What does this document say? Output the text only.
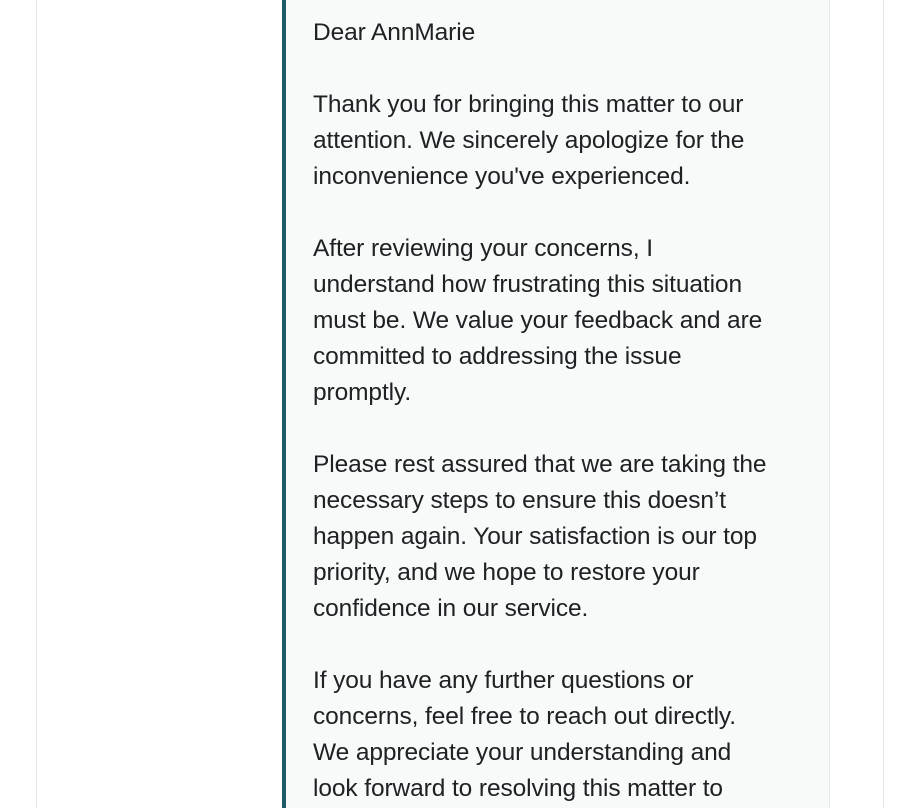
Dear AnnMarie

Thank you for bringing this matter to our
attention. We sincerely apologize for the
inconvenience you've experienced.

After reviewing your concerns, I
understand how frustrating this situation
must be. We value your feedback and are
committed to addressing the issue
promptly.

Please rest assured that we are taking the
necessary steps to ensure this doesn’t
happen again. Your satisfaction is our top
priority, and we hope to restore your
confidence in our service.

If you have any further questions or
concerns, feel free to reach out directly.
We appreciate your understanding and
look forward to resolving this matter to
